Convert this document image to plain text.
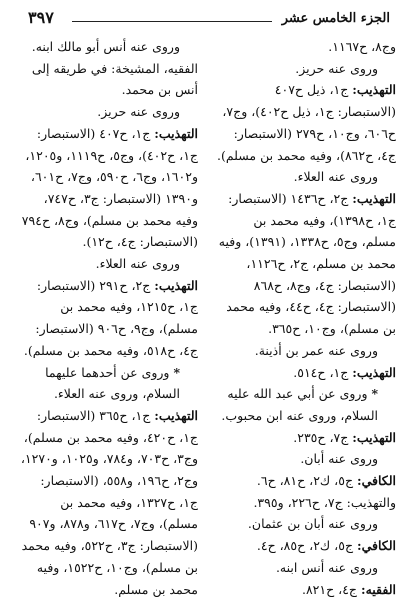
الجزء الخامس عشر
٣٩٧

وج٨، ح١١٦٧.

وروى عنه حريز.

التهذيب: ج١، ذيل ح٤٠٧ (الاستبصار: ج١، ذيل ح٤٠٢)، وج٧، ح٦٠٦، وج١٠، ح٢٧٩ (الاستبصار: ج٤، ح٨٦٢)، وفيه محمد بن مسلم).

وروى عنه العلاء.

التهذيب: ج٢، ح١٤٣٦ (الاستبصار: ج١، ح١٣٩٨)، وفيه محمد بن مسلم، وج٥، ح١٣٣٨، (١٣٩١)، وفيه محمد بن مسلم، ج٢، ح١١٢٦، (الاستبصار: ج٤، وج٨، ح٨٦٨ (الاستبصار: ج٤، ح٤٤، وفيه محمد بن مسلم)، وج١٠، ح٣٦٥.

وروى عنه عمر بن أذينة.

التهذيب: ج١، ح٥١٤.

* وروى عن أبي عبد الله عليه السلام، وروى عنه ابن محبوب.

التهذيب: ج٧، ح٢٣٥.

وروى عنه أبان.

الكافي: ج٥، ك٢، ح٨١، ح٦. والتهذيب: ج٧، ح٢٢٦، و٣٩٥.

وروى عنه أبان بن عثمان.

الكافي: ج٥، ك٢، ح٨٥، ح٤.

وروى عنه أنس ابنه.

الفقيه: ج٤، ح٨٢١.

وروى عنه أنس أبو مالك ابنه.

الفقيه، المشيخة: في طريقه إلى أنس بن محمد.

وروى عنه حريز.

التهذيب: ج١، ح٤٠٧ (الاستبصار: ج١، ح٤٠٢)، وج٥، ح١١١٩، و١٢٠٥، و١٦٠٢، وج٦، ح٥٩٠، وج٧، ح٦٠١، و١٣٩٠ (الاستبصار: ج٣، ح٧٤٧، وفيه محمد بن مسلم)، وج٨، ح٧٩٤ (الاستبصار: ج٤، ح١٢).

وروى عنه العلاء.

التهذيب: ج٢، ح٢٩١ (الاستبصار: ج١، ح١٢١٥، وفيه محمد بن مسلم)، وج٩، ح٩٠٦ (الاستبصار: ج٤، ح٥١٨، وفيه محمد بن مسلم).

* وروى عن أحدهما عليهما السلام، وروى عنه العلاء.

التهذيب: ج١، ح٣٦٥ (الاستبصار: ج١، ح٤٢٠، وفيه محمد بن مسلم)، وج٣، ح٧٠٣، و٧٨٤، و١٠٢٥، و١٢٧٠، وج٢، ح١٩٦، و٥٥٨، (الاستبصار: ج١، ح١٣٢٧، وفيه محمد بن مسلم)، وج٧، ح٦١٧، و٨٧٨، و٩٠٧ (الاستبصار: ج٣، ح٥٢٢، وفيه محمد بن مسلم)، وج١٠، ح١٥٢٢، وفيه محمد بن مسلم.
